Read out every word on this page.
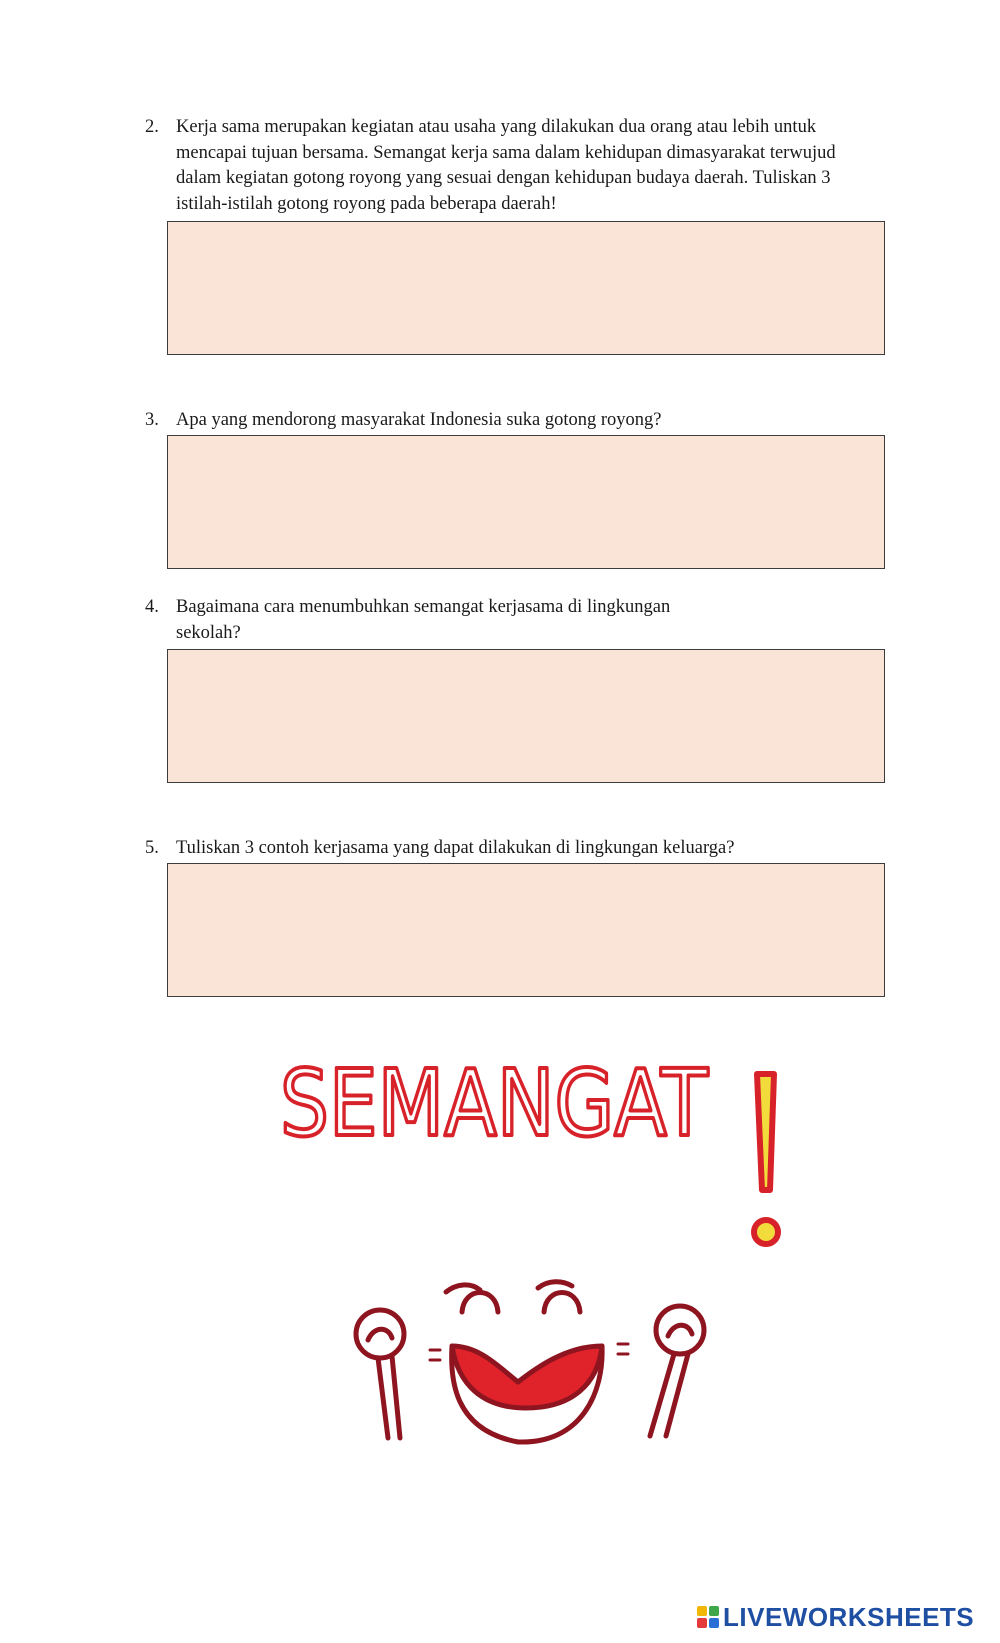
2. Kerja sama merupakan kegiatan atau usaha yang dilakukan dua orang atau lebih untuk mencapai tujuan bersama. Semangat kerja sama dalam kehidupan dimasyarakat terwujud dalam kegiatan gotong royong yang sesuai dengan kehidupan budaya daerah. Tuliskan 3 istilah-istilah gotong royong pada beberapa daerah!
3. Apa yang mendorong masyarakat Indonesia suka gotong royong?
4. Bagaimana cara menumbuhkan semangat kerjasama di lingkungan sekolah?
5. Tuliskan 3 contoh kerjasama yang dapat dilakukan di lingkungan keluarga?
SEMANGAT
LIVEWORKSHEETS
